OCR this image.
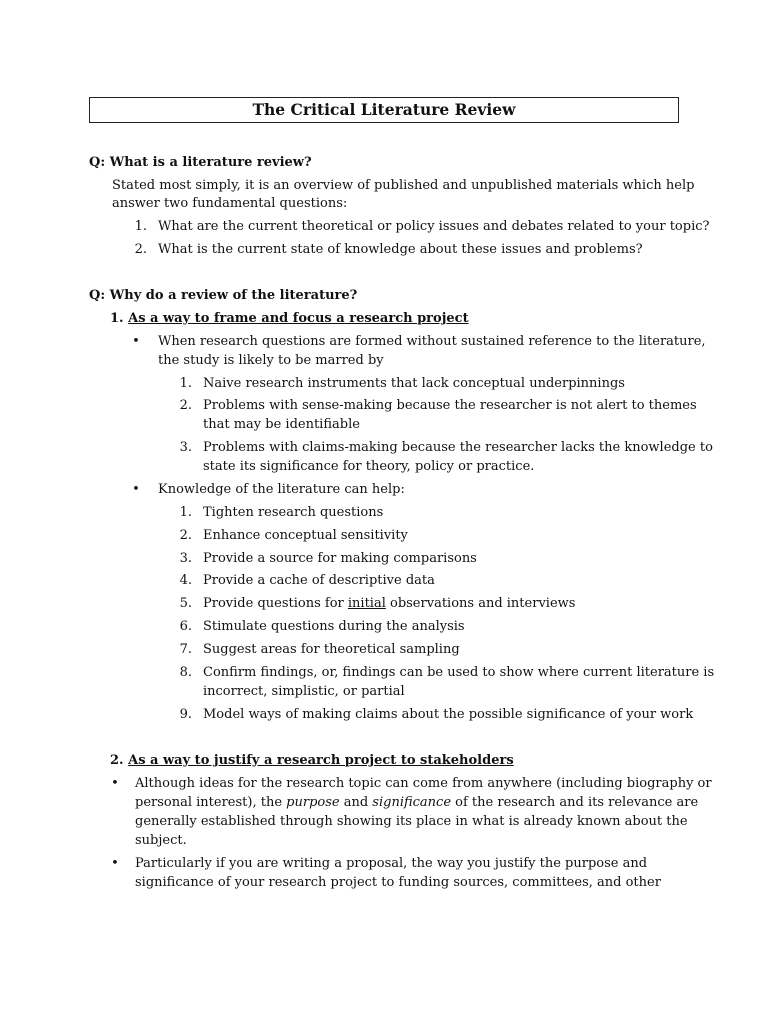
The Critical Literature Review
Q: What is a literature review?
Stated most simply, it is an overview of published and unpublished materials which help
answer two fundamental questions:
1. What are the current theoretical or policy issues and debates related to your topic?
2. What is the current state of knowledge about these issues and problems?
Q: Why do a review of the literature?
1. As a way to frame and focus a research project
• When research questions are formed without sustained reference to the literature,
the study is likely to be marred by
1. Naive research instruments that lack conceptual underpinnings
2. Problems with sense-making because the researcher is not alert to themes
that may be identifiable
3. Problems with claims-making because the researcher lacks the knowledge to
state its significance for theory, policy or practice.
• Knowledge of the literature can help:
1. Tighten research questions
2. Enhance conceptual sensitivity
3. Provide a source for making comparisons
4. Provide a cache of descriptive data
5. Provide questions for initial observations and interviews
6. Stimulate questions during the analysis
7. Suggest areas for theoretical sampling
8. Confirm findings, or, findings can be used to show where current literature is
incorrect, simplistic, or partial
9. Model ways of making claims about the possible significance of your work
2. As a way to justify a research project to stakeholders
• Although ideas for the research topic can come from anywhere (including biography or
personal interest), the purpose and significance of the research and its relevance are
generally established through showing its place in what is already known about the
subject.
• Particularly if you are writing a proposal, the way you justify the purpose and
significance of your research project to funding sources, committees, and other
